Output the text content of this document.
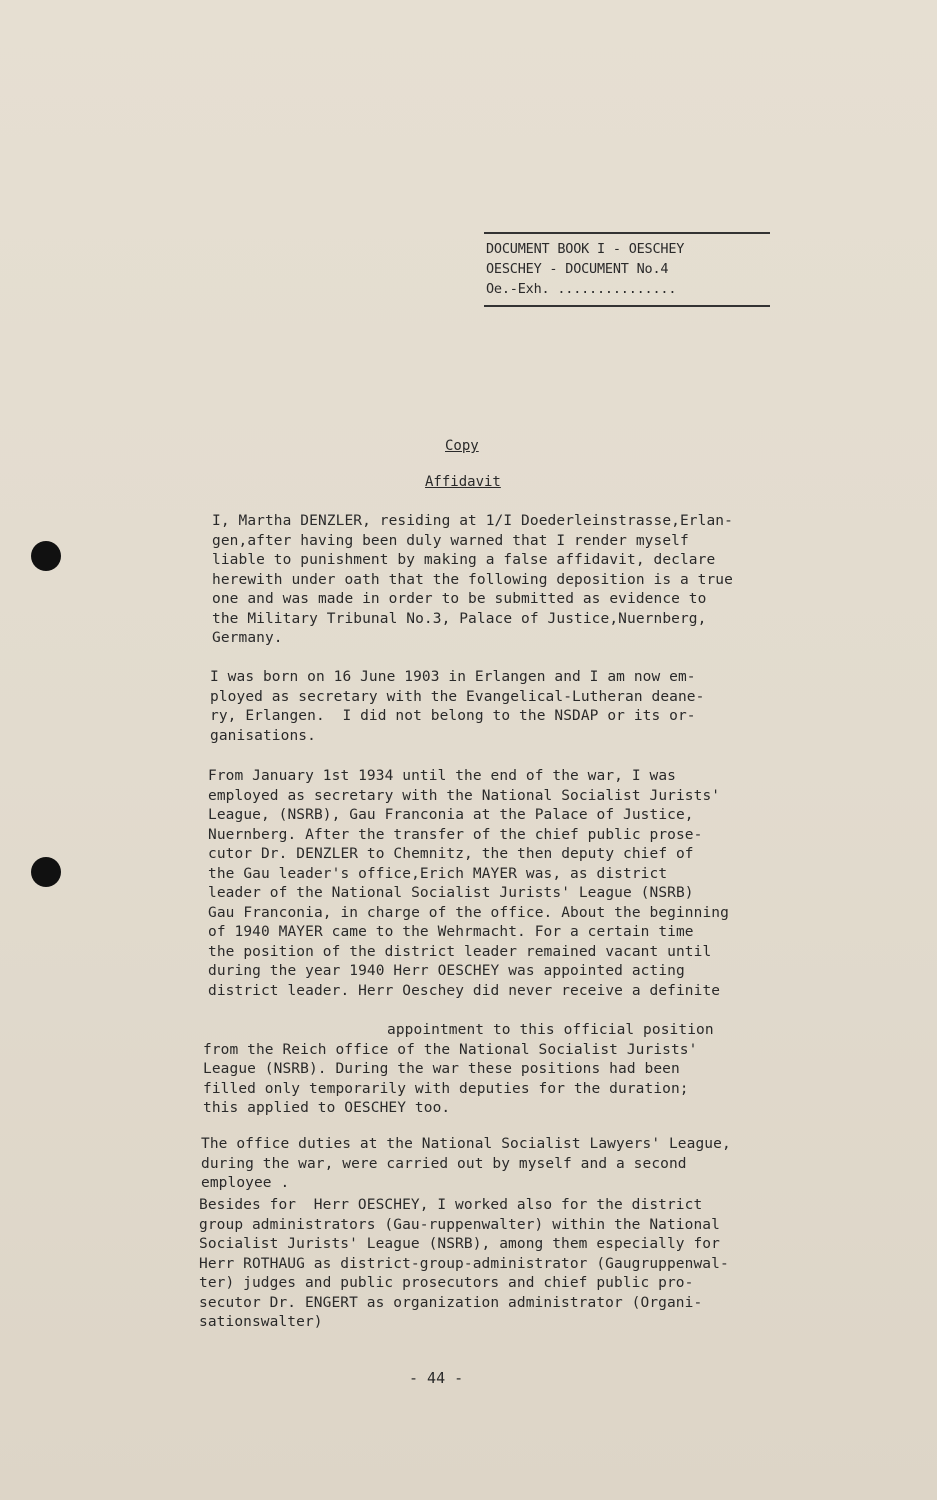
DOCUMENT BOOK I - OESCHEY
OESCHEY - DOCUMENT No.4
Oe.-Exh. ...............
Copy
Affidavit
I, Martha DENZLER, residing at 1/I Doederleinstrasse,Erlan-
gen,after having been duly warned that I render myself
liable to punishment by making a false affidavit, declare
herewith under oath that the following deposition is a true
one and was made in order to be submitted as evidence to
the Military Tribunal No.3, Palace of Justice,Nuernberg,
Germany.
I was born on 16 June 1903 in Erlangen and I am now em-
ployed as secretary with the Evangelical-Lutheran deane-
ry, Erlangen.  I did not belong to the NSDAP or its or-
ganisations.
From January 1st 1934 until the end of the war, I was
employed as secretary with the National Socialist Jurists'
League, (NSRB), Gau Franconia at the Palace of Justice,
Nuernberg. After the transfer of the chief public prose-
cutor Dr. DENZLER to Chemnitz, the then deputy chief of
the Gau leader's office,Erich MAYER was, as district
leader of the National Socialist Jurists' League (NSRB)
Gau Franconia, in charge of the office. About the beginning
of 1940 MAYER came to the Wehrmacht. For a certain time
the position of the district leader remained vacant until
during the year 1940 Herr OESCHEY was appointed acting
district leader. Herr Oeschey did never receive a definite
appointment to this official position
from the Reich office of the National Socialist Jurists'
League (NSRB). During the war these positions had been
filled only temporarily with deputies for the duration;
this applied to OESCHEY too.
The office duties at the National Socialist Lawyers' League,
during the war, were carried out by myself and a second
employee .
Besides for  Herr OESCHEY, I worked also for the district
group administrators (Gau-ruppenwalter) within the National
Socialist Jurists' League (NSRB), among them especially for
Herr ROTHAUG as district-group-administrator (Gaugruppenwal-
ter) judges and public prosecutors and chief public pro-
secutor Dr. ENGERT as organization administrator (Organi-
sationswalter)
- 44 -
